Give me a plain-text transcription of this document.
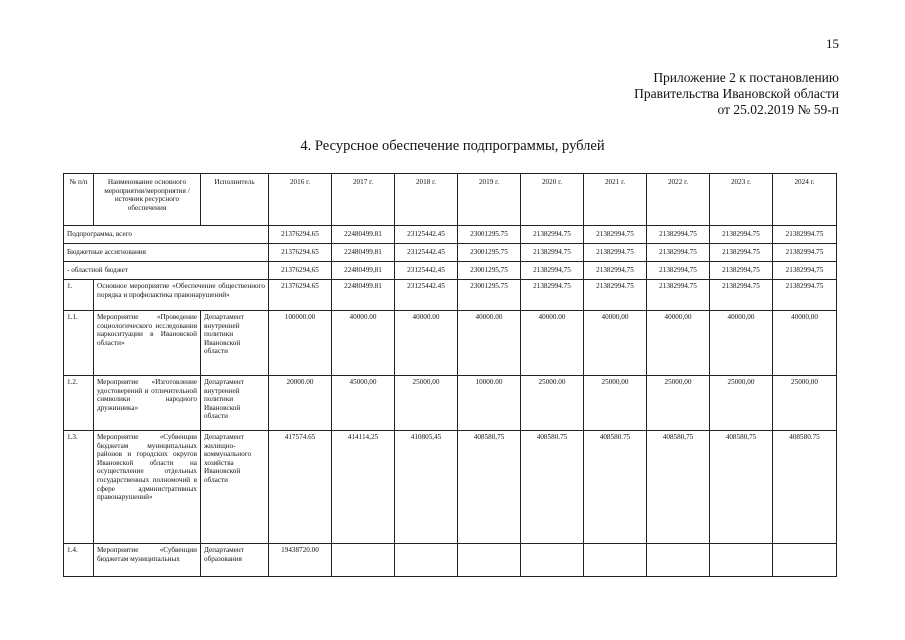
15
Приложение 2 к постановлению
Правительства Ивановской области
от 25.02.2019 № 59-п
4. Ресурсное обеспечение подпрограммы, рублей
№ п/п	Наименование основного мероприятия/мероприятия /источник ресурсного обеспечения	Исполнитель	2016 г.	2017 г.	2018 г.	2019 г.	2020 г.	2021 г.	2022 г.	2023 г.	2024 г.
Подпрограмма, всего			21376294.65	22480499.81	23125442.45	23001295.75	21382994.75	21382994.75	21382994.75	21382994.75	21382994.75
Бюджетные ассигнования			21376294.65	22480499.81	23125442.45	23001295.75	21382994.75	21382994.75	21382994.75	21382994.75	21382994.75
- областной бюджет			21376294,65	22480499,81	23125442,45	23001295,75	21382994,75	21382994,75	21382994,75	21382994,75	21382994,75
1.	Основное мероприятие «Обеспечение общественного порядка и профилактика правонарушений»		21376294.65	22480499.81	23125442.45	23001295.75	21382994.75	21382994.75	21382994.75	21382994.75	21382994.75
1.1.	Мероприятие «Проведение социологического исследования наркоситуации в Ивановской области»	Департамент внутренней политики Ивановской области	100000.00	40000.00	40000.00	40000.00	40000.00	40000,00	40000,00	40000,00	40000,00
1.2.	Мероприятие «Изготовление удостоверений и отличительной символики народного дружинника»	Департамент внутренней политики Ивановской области	20000.00	45000,00	25000,00	10000.00	25000.00	25000,00	25000,00	25000,00	25000,00
1.3.	Мероприятие «Субвенции бюджетам муниципальных районов и городских округов Ивановской области на осуществление отдельных государственных полномочий в сфере административных правонарушений»	Департамент жилищно-коммунального хозяйства Ивановской области	417574.65	414114,25	410805,45	408580,75	408580.75	408580.75	408580,75	408580,75	408580.75
1.4.	Мероприятие «Субвенции бюджетам муниципальных	Департамент образования	19438720.00								
